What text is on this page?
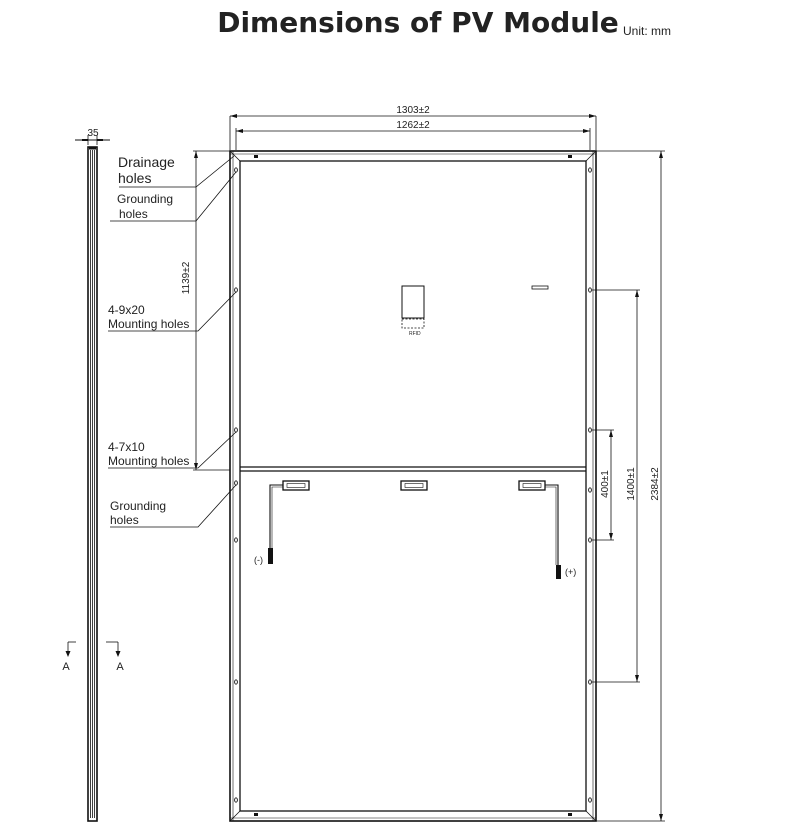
Dimensions of PV Module Unit: mm
35
A	A
RFID
(-)
(+)
1303±2
1262±2
1139±2
2384±2
1400±1
400±1
Drainage holes
Grounding holes
4-9x20 Mounting holes
4-7x10 Mounting holes
Grounding holes
